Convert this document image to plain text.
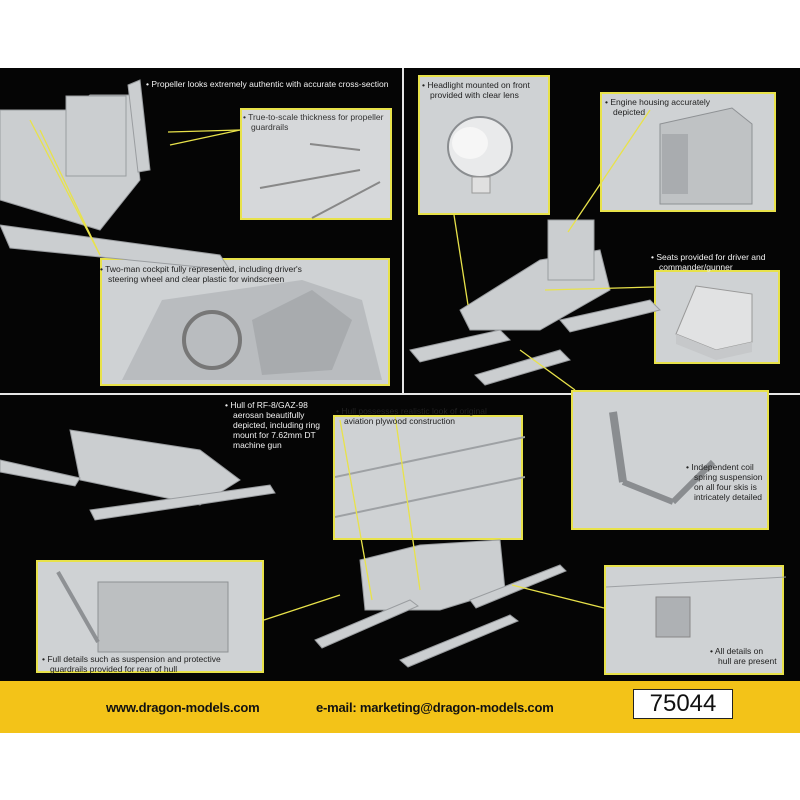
• Propeller looks extremely authentic with accurate cross-section
• True-to-scale thickness for propeller
guardrails
• Two-man cockpit fully represented, including driver's
steering wheel and clear plastic for windscreen
• Headlight mounted on front
provided with clear lens
• Engine housing accurately
depicted
• Seats provided for driver and
commander/gunner
• Hull of RF-8/GAZ-98
aerosan beautifully
depicted, including ring
mount for 7.62mm DT
machine gun
• Hull possesses realistic look of original
aviation plywood construction
• Independent coil
spring suspension
on all four skis is
intricately detailed
• Full details such as suspension and protective
guardrails provided for rear of hull
• All details on
hull are present
www.dragon-models.com	e-mail: marketing@dragon-models.com	75044
